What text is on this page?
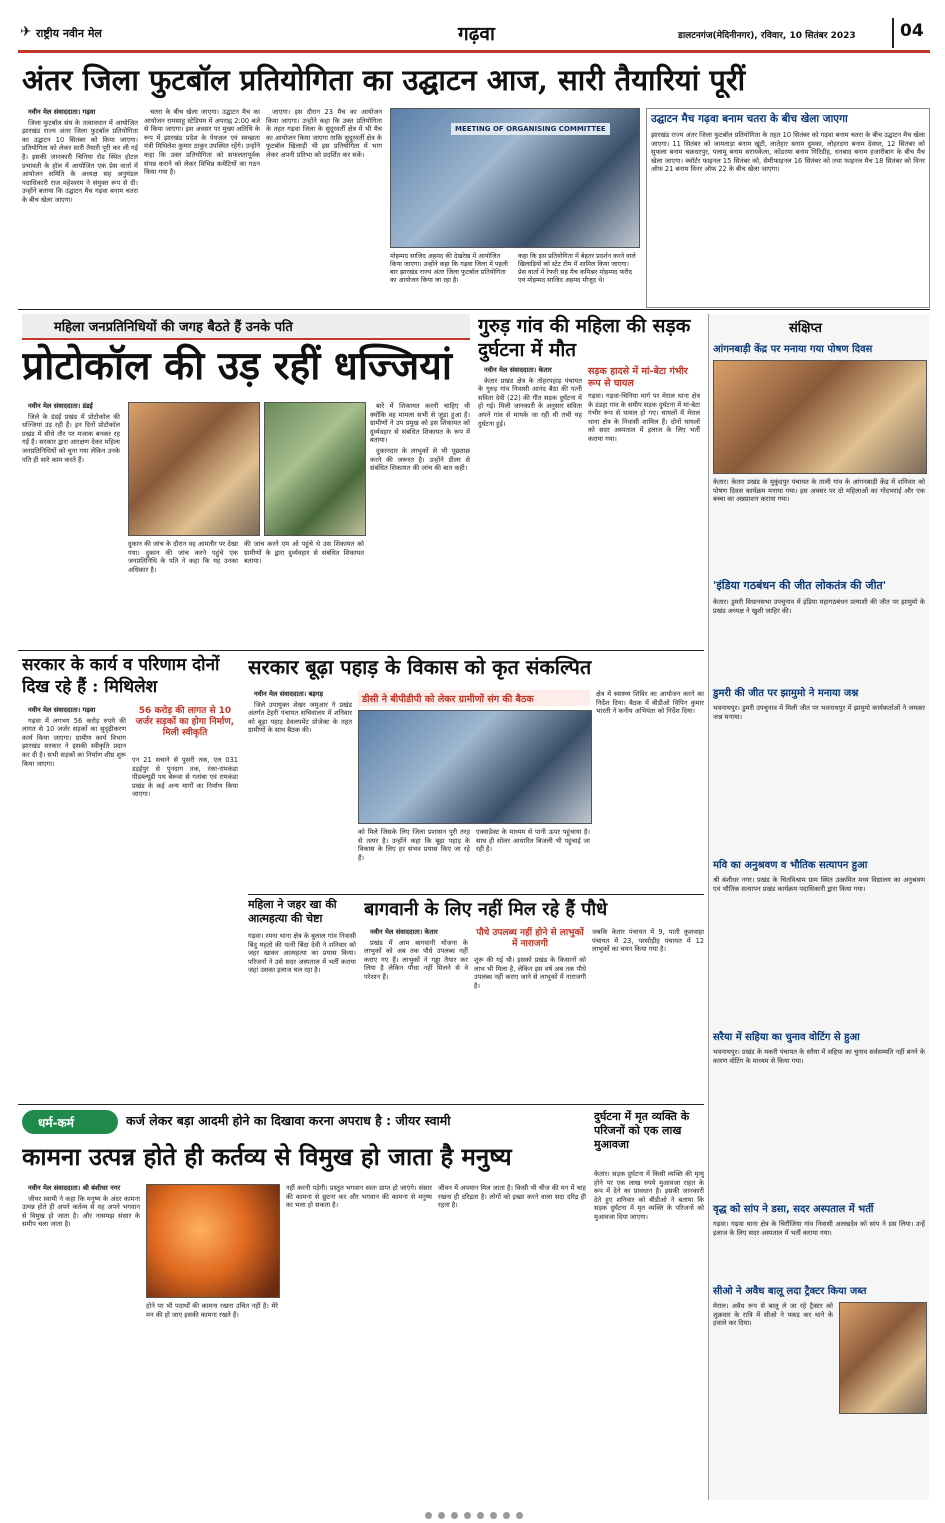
✈ राष्ट्रीय नवीन मेल	गढ़वा	डालटनगंज(मेदिनीनगर), रविवार, 10 सितंबर 2023	04
अंतर जिला फुटबॉल प्रतियोगिता का उद्घाटन आज, सारी तैयारियां पूरीं

नवीन मेल संवाददाता। गढ़वा

जिला फुटबॉल संघ के तत्वावधान में आयोजित झारखंड राज्य अंतर जिला फुटबॉल प्रतियोगिता का उद्घाटन 10 सितंबर को किया जाएगा। प्रतियोगिता को लेकर सारी तैयारी पूरी कर ली गई है। इसकी जानकारी चिनिया रोड स्थित होटल प्रभावती के हॉल में आयोजित एक प्रेस वार्ता में आयोजन समिति के अध्यक्ष सह अनुमंडल पदाधिकारी राज महेश्वरम ने संयुक्त रूप से दी। उन्होंने बताया कि उद्घाटन मैच गढ़वा बनाम चतरा के बीच खेला जाएगा।

चतरा के बीच खेला जाएगा। उद्घाटन मैच का आयोजन रामसाहू स्टेडियम में अपराह्न 2:00 बजे से किया जाएगा। इस अवसर पर मुख्य अतिथि के रूप में झारखंड प्रदेश के पेयजल एवं स्वच्छता मंत्री मिथिलेश कुमार ठाकुर उपस्थित रहेंगे। उन्होंने कहा कि उक्त प्रतियोगिता को सफलतापूर्वक संपन्न कराने को लेकर विभिन्न कमेटियों का गठन किया गया है।

जाएगा। इस दौरान 23 मैच का आयोजन किया जाएगा। उन्होंने कहा कि उक्त प्रतियोगिता के तहत गढ़वा जिला के सुदूरवर्ती क्षेत्र में भी मैच का आयोजन किया जाएगा ताकि सुदूरवर्ती क्षेत्र के फुटबॉल खिलाड़ी भी इस प्रतियोगिता में भाग लेकर अपनी प्रतिभा को प्रदर्शित कर सकें।

MEETING OF ORGANISING COMMITTEE
मोहम्मद साजिद अहमद की देखरेख में आयोजित किया जाएगा। उन्होंने कहा कि गढ़वा जिला में पहली बार झारखंड राज्य अंतर जिला फुटबॉल प्रतियोगिता का आयोजन किया जा रहा है।
कहा कि इस प्रतियोगिता में बेहतर प्रदर्शन करने वाले खिलाड़ियों को स्टेट टीम में शामिल किया जाएगा। प्रेस वार्ता में रेफरी सह मैच कमिश्नर मोहम्मद फरीद एवं मोहम्मद साजिद अहमद मौजूद थे।
उद्घाटन मैच गढ़वा बनाम चतरा के बीच खेला जाएगा
झारखंड राज्य अंतर जिला फुटबॉल प्रतियोगिता के तहत 10 सितंबर को गढ़वा बनाम चतरा के बीच उद्घाटन मैच खेला जाएगा। 11 सितंबर को जामताड़ा बनाम खूंटी, लातेहार बनाम दुमका, लोहरदगा बनाम देवघर, 12 सितंबर को सुफला बनाम चक्रधरपुर, पलामू बनाम सरायकेला, कोडरमा बनाम गिरिडीह, धनबाद बनाम हजारीबाग के बीच मैच खेला जाएगा। क्वॉर्टर फाइनल 15 सितंबर को, सेमीफाइनल 16 सितंबर को तथा फाइनल मैच 18 सितंबर को विनर ऑफ 21 बनाम विनर ऑफ 22 के बीच खेला जाएगा।
महिला जनप्रतिनिधियों की जगह बैठते हैं उनके पति
प्रोटोकॉल की उड़ रहीं धज्जियां

नवीन मेल संवाददाता। डंडई

जिले के डंडई प्रखंड में प्रोटोकॉल की धज्जियां उड़ रही हैं। इन दिनों प्रोटोकॉल प्रखंड में सीधे तौर पर मजाक बनकर रह गई है। सरकार द्वारा आरक्षण देकर महिला जनप्रतिनिधियों को चुना गया लेकिन उनके पति ही सारे काम करते हैं।

दुकान की जांच के दौरान वह आमतौर पर देखा गया। दुकान की जांच करने पहुंचे एक जनप्रतिनिधि के पति ने कहा कि यह उनका अधिकार है।
की जांच करने एम ओ पहुंचे थे उस शिकायत को ग्रामीणों के द्वारा दुर्व्यवहार से संबंधित शिकायत बताया।

बारे में शिकायत करनी चाहिए थी क्योंकि वह मामला सभी से जुड़ा हुआ है। ग्रामीणों ने उप प्रमुख को इस शिकायत को दुर्व्यवहार से संबंधित शिकायत के रूप में बताया।

दुकानदार के लाभुकों से भी पूछताछ करने की जरूरत है। उन्होंने डीलर से संबंधित शिकायत की जांच की बात कही।

गुरुड़ गांव की महिला की सड़क दुर्घटना में मौत

नवीन मेल संवाददाता। केतार

केतार प्रखंड क्षेत्र के तोहरपहाड़ पंचायत के गुरुड़ गांव निवासी आनंद बैठा की पत्नी सविता देवी (22) की गीत सड़क दुर्घटना में हो गई। मिली जानकारी के अनुसार सविता अपने गांव से मायके जा रही थी तभी यह दुर्घटना हुई।

सड़क हादसे में मां-बेटा गंभीर रूप से घायल
गढ़वा। गढ़वा-चिनिया मार्ग पर मेराल थाना क्षेत्र के डंडहा गांव के समीप सड़क दुर्घटना में मां-बेटा गंभीर रूप से घायल हो गए। घायलों में मेराल थाना क्षेत्र के निवासी शामिल हैं। दोनों घायलों को सदर अस्पताल में इलाज के लिए भर्ती कराया गया।
संक्षिप्त
आंगनबाड़ी केंद्र पर मनाया गया पोषण दिवस
केतार। केतार प्रखंड के मुकुंदपुर पंचायत के ताली गांव के आंगनबाड़ी केंद्र में शनिवार को पोषण दिवस कार्यक्रम मनाया गया। इस अवसर पर दो महिलाओं का गोदभराई और एक बच्चा का अन्नप्राशन कराया गया।
'इंडिया गठबंधन की जीत लोकतंत्र की जीत'
केतार। डुमरी विधानसभा उपचुनाव में इंडिया महागठबंधन प्रत्याशी की जीत पर झामुमो के प्रखंड अध्यक्ष ने खुशी जाहिर की।
डुमरी की जीत पर झामुमो ने मनाया जश्न
भवनाथपुर। डुमरी उपचुनाव में मिली जीत पर भवनाथपुर में झामुमो कार्यकर्ताओं ने जमकर जश्न मनाया।
मवि का अनुश्रवण व भौतिक सत्यापन हुआ
श्री बंशीधर नगर। प्रखंड के चितविश्राम ग्राम स्थित उत्क्रमित मध्य विद्यालय का अनुश्रवण एवं भौतिक सत्यापन प्रखंड कार्यक्रम पदाधिकारी द्वारा किया गया।
सरैया में सहिया का चुनाव वोटिंग से हुआ
भवनाथपुर। प्रखंड के मकरी पंचायत के सरैया में सहिया का चुनाव सर्वसम्मति नहीं बनने के कारण वोटिंग के माध्यम से किया गया।
वृद्ध को सांप ने डसा, सदर अस्पताल में भर्ती
गढ़वा। गढ़वा थाना क्षेत्र के चिरौंजिया गांव निवासी अलखदेव को सांप ने डस लिया। उन्हें इलाज के लिए सदर अस्पताल में भर्ती कराया गया।
सीओ ने अवैध बालू लदा ट्रैक्टर किया जब्त
मेराल। अवैध रूप से बालू ले जा रहे ट्रैक्टर को शुक्रवार के रात्रि में सीओ ने पकड़ कर थाने के हवाले कर दिया।
सरकार के कार्य व परिणाम दोनों दिख रहे हैं : मिथिलेश

नवीन मेल संवाददाता। गढ़वा

गढ़वा में लगभग 56 करोड़ रुपये की लागत से 10 जर्जर सड़कों का सुदृढ़ीकरण कार्य किया जाएगा। ग्रामीण कार्य विभाग झारखंड सरकार ने इसकी स्वीकृति प्रदान कर दी है। सभी सड़कों का निर्माण शीघ्र शुरू किया जाएगा।

56 करोड़ की लागत से 10 जर्जर सड़कों का होगा निर्माण, मिली स्वीकृति
एन 21 सचाने से पुसरी तक, एल 031 डड़ईपुर से पुनदाग तक, रंका-रामकंडा पीडब्ल्यूडी पथ बेरूवा से गतांबा एवं रामकंडा प्रखंड के कई अन्य मार्गों का निर्माण किया जाएगा।
सरकार बूढ़ा पहाड़ के विकास को कृत संकल्पित

नवीन मेल संवाददाता। बड़गड़

जिले उपायुक्त शेखर जमुआर ने प्रखंड अंतर्गत टेहरी पंचायत सचिवालय में शनिवार को बूढ़ा पहाड़ डेवलपमेंट प्रोजेक्ट के तहत ग्रामीणों के साथ बैठक की।

डीसी ने बीपीडीपी को लेकर ग्रामीणों संग की बैठक
को मिले जिसके लिए जिला प्रशासन पूरी तरह से तत्पर है। उन्होंने कहा कि बूढ़ा पहाड़ के विकास के लिए हर संभव प्रयास किए जा रहे हैं।
एक्वाडेक्ट के माध्यम से पानी ऊपर पहुंचाया है। साथ ही सोलर आधारित बिजली भी पहुंचाई जा रही है।
क्षेत्र में स्वास्थ्य शिविर का आयोजन करने का निर्देश दिया। बैठक में बीडीओ विपिन कुमार भारती ने कनीय अभियंता को निर्देश दिया।
महिला ने जहर खा की आत्महत्या की चेष्टा
गढ़वा। रमना थाना क्षेत्र के बुलाल गांव निवासी बिंदु महतो की पत्नी बिंदा देवी ने शनिवार को जहर खाकर आत्महत्या का प्रयास किया। परिजनों ने उसे सदर अस्पताल में भर्ती कराया जहां उसका इलाज चल रहा है।
बागवानी के लिए नहीं मिल रहे हैं पौधे

नवीन मेल संवाददाता। केतार

प्रखंड में आम बागवानी योजना के लाभुकों को अब तक पौधे उपलब्ध नहीं कराए गए हैं। लाभुकों ने गड्ढा तैयार कर लिया है लेकिन पौधा नहीं मिलने से वे परेशान हैं।

पौधे उपलब्ध नहीं होने से लाभुकों में नाराजगी
शुरू की गई थी। इसको प्रखंड के किसानों को लाभ भी मिला है, लेकिन इस वर्ष अब तक पौधे उपलब्ध नहीं कराए जाने से लाभुकों में नाराजगी है।
जबकि केतार पंचायत में 9, पाती कुशवाहा पंचायत में 23, परसोड़ीह पंचायत में 12 लाभुकों का चयन किया गया है।
धर्म-कर्म	कर्ज लेकर बड़ा आदमी होने का दिखावा करना अपराध है : जीयर स्वामी
कामना उत्पन्न होते ही कर्तव्य से विमुख हो जाता है मनुष्य

नवीन मेल संवाददाता। श्री बंशीधर नगर

जीयर स्वामी ने कहा कि मनुष्य के अंदर कामना उत्पन्न होते ही अपने कर्तव्य से वह अपने भगवान से विमुख हो जाता है। और नासमझ संसार के समीप चला जाता है।

होने पर भी पदार्थों की कामना रखना उचित नहीं है। मेरे मन की हो जाए इसकी कामना रखते हैं।
नहीं करनी पड़ेगी। प्रस्तुत भगवान स्वतः प्राप्त हो जाएंगे। संसार की कामना से छुटना कर और भगवान की कामना से मनुष्य का भला हो सकता है।
जीवन में अपमान मिल जाता है। किसी भी चीज की मन में चाह रखना ही दरिद्रता है। लोगों को इच्छा करने वाला सदा दरिद्र ही रहता है।
दुर्घटना में मृत व्यक्ति के परिजनों को एक लाख मुआवजा
केतार। सड़क दुर्घटना में किसी व्यक्ति की मृत्यु होने पर एक लाख रुपये मुआवजा राहत के रूप में देने का प्रावधान है। इसकी जानकारी देते हुए शनिवार को बीडीओ ने बताया कि सड़क दुर्घटना में मृत व्यक्ति के परिजनों को मुआवजा दिया जाएगा।
